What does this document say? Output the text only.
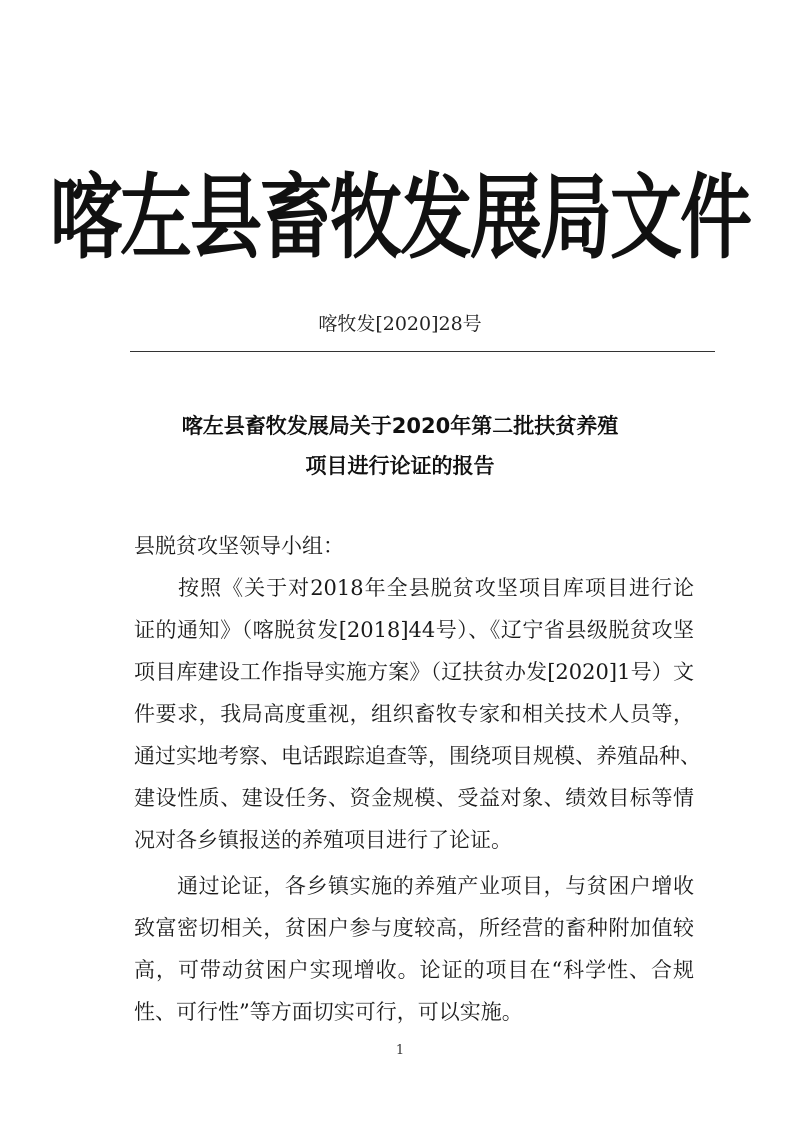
喀左县畜牧发展局文件
喀牧发[2020]28号
喀左县畜牧发展局关于2020年第二批扶贫养殖
项目进行论证的报告
县脱贫攻坚领导小组：
　　按照《关于对2018年全县脱贫攻坚项目库项目进行论
证的通知》（喀脱贫发[2018]44号）、《辽宁省县级脱贫攻坚
项目库建设工作指导实施方案》（辽扶贫办发[2020]1号）文
件要求，我局高度重视，组织畜牧专家和相关技术人员等，
通过实地考察、电话跟踪追查等，围绕项目规模、养殖品种、
建设性质、建设任务、资金规模、受益对象、绩效目标等情
况对各乡镇报送的养殖项目进行了论证。
　　通过论证，各乡镇实施的养殖产业项目，与贫困户增收
致富密切相关，贫困户参与度较高，所经营的畜种附加值较
高，可带动贫困户实现增收。论证的项目在“科学性、合规
性、可行性”等方面切实可行，可以实施。
1
